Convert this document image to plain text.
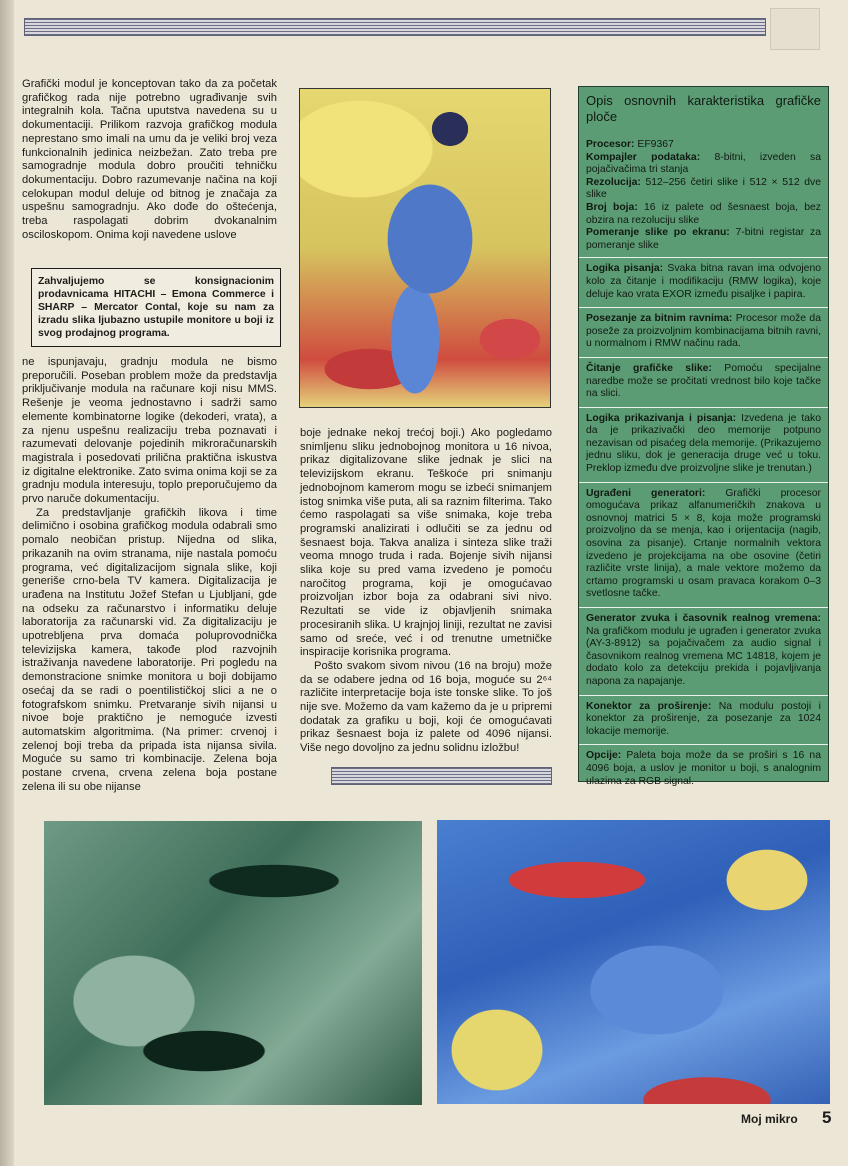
Grafički modul je konceptovan tako da za početak grafičkog rada nije potrebno ugrađivanje svih integralnih kola. Tačna uputstva navedena su u dokumentaciji. Prilikom razvoja grafičkog modula neprestano smo imali na umu da je veliki broj veza funkcionalnih jedinica neizbežan. Zato treba pre samogradnje modula dobro proučiti tehničku dokumentaciju. Dobro razumevanje načina na koji celokupan modul deluje od bitnog je značaja za uspešnu samogradnju. Ako dođe do oštećenja, treba raspolagati dobrim dvokanalnim osciloskopom. Onima koji navedene uslove

Zahvaljujemo se konsignacionim prodavnicama HITACHI – Emona Commerce i SHARP – Mercator Contal, koje su nam za izradu slika ljubazno ustupile monitore u boji iz svog prodajnog programa.

ne ispunjavaju, gradnju modula ne bismo preporučili. Poseban problem može da predstavlja priključivanje modula na računare koji nisu MMS. Rešenje je veoma jednostavno i sadrži samo elemente kombinatorne logike (dekoderi, vrata), a za njenu uspešnu realizaciju treba poznavati i razumevati delovanje pojedinih mikroračunarskih magistrala i posedovati prilična praktična iskustva iz digitalne elektronike. Zato svima onima koji se za gradnju modula interesuju, toplo preporučujemo da prvo naruče dokumentaciju.

Za predstavljanje grafičkih likova i time delimično i osobina grafičkog modula odabrali smo pomalo neobičan pristup. Nijedna od slika, prikazanih na ovim stranama, nije nastala pomoću programa, već digitalizacijom signala slike, koji generiše crno-bela TV kamera. Digitalizacija je urađena na Institutu Jožef Stefan u Ljubljani, gde na odseku za računarstvo i informatiku deluje laboratorija za računarski vid. Za digitalizaciju je upotrebljena prva domaća poluprovodnička televizijska kamera, takođe plod razvojnih istraživanja navedene laboratorije. Pri pogledu na demonstracione snimke monitora u boji dobijamo osećaj da se radi o poentilističkoj slici a ne o fotografskom snimku. Pretvaranje sivih nijansi u nivoe boje praktično je nemoguće izvesti automatskim algoritmima. (Na primer: crvenoj i zelenoj boji treba da pripada ista nijansa sivila. Moguće su samo tri kombinacije. Zelena boja postane crvena, crvena zelena boja postane zelena ili su obe nijanse

boje jednake nekoj trećoj boji.) Ako pogledamo snimljenu sliku jednobojnog monitora u 16 nivoa, prikaz digitalizovane slike jednak je slici na televizijskom ekranu. Teškoće pri snimanju jednobojnom kamerom mogu se izbeći snimanjem istog snimka više puta, ali sa raznim filterima. Tako ćemo raspolagati sa više snimaka, koje treba programski analizirati i odlučiti se za jednu od šesnaest boja. Takva analiza i sinteza slike traži veoma mnogo truda i rada. Bojenje sivih nijansi slika koje su pred vama izvedeno je pomoću naročitog programa, koji je omogućavao proizvoljan izbor boja za odabrani sivi nivo. Rezultati se vide iz objavljenih snimaka procesiranih slika. U krajnjoj liniji, rezultat ne zavisi samo od sreće, već i od trenutne umetničke inspiracije korisnika programa.

Pošto svakom sivom nivou (16 na broju) može da se odabere jedna od 16 boja, moguće su 2⁶⁴ različite interpretacije boja iste tonske slike. To još nije sve. Možemo da vam kažemo da je u pripremi dodatak za grafiku u boji, koji će omogućavati prikaz šesnaest boja iz palete od 4096 nijansi. Više nego dovoljno za jednu solidnu izložbu!

Opis osnovnih karakteristika grafičke ploče

Procesor: EF9367

Kompajler podataka: 8-bitni, izveden sa pojačivačima tri stanja

Rezolucija: 512–256 četiri slike i 512 × 512 dve slike

Broj boja: 16 iz palete od šesnaest boja, bez obzira na rezoluciju slike

Pomeranje slike po ekranu: 7-bitni registar za pomeranje slike

Logika pisanja: Svaka bitna ravan ima odvojeno kolo za čitanje i modifikaciju (RMW logika), koje deluje kao vrata EXOR između pisaljke i papira.

Posezanje za bitnim ravnima: Procesor može da poseže za proizvoljnim kombinacijama bitnih ravni, u normalnom i RMW načinu rada.

Čitanje grafičke slike: Pomoću specijalne naredbe može se pročitati vrednost bilo koje tačke na slici.

Logika prikazivanja i pisanja: Izvedena je tako da je prikazivački deo memorije potpuno nezavisan od pisaćeg dela memorije. (Prikazujemo jednu sliku, dok je generacija druge već u toku. Preklop između dve proizvoljne slike je trenutan.)

Ugrađeni generatori: Grafički procesor omogućava prikaz alfanumeričkih znakova u osnovnoj matrici 5 × 8, koja može programski proizvoljno da se menja, kao i orijentacija (nagib, osovina za pisanje). Crtanje normalnih vektora izvedeno je projekcijama na obe osovine (četiri različite vrste linija), a male vektore možemo da crtamo programski u osam pravaca korakom 0–3 svetlosne tačke.

Generator zvuka i časovnik realnog vremena: Na grafičkom modulu je ugrađen i generator zvuka (AY-3-8912) sa pojačivačem za audio signal i časovnikom realnog vremena MC 14818, kojem je dodato kolo za detekciju prekida i pojavljivanja napona za napajanje.

Konektor za proširenje: Na modulu postoji i konektor za proširenje, za posezanje za 1024 lokacije memorije.

Opcije: Paleta boja može da se proširi s 16 na 4096 boja, a uslov je monitor u boji, s analognim ulazima za RGB signal.

Moj mikro 5
